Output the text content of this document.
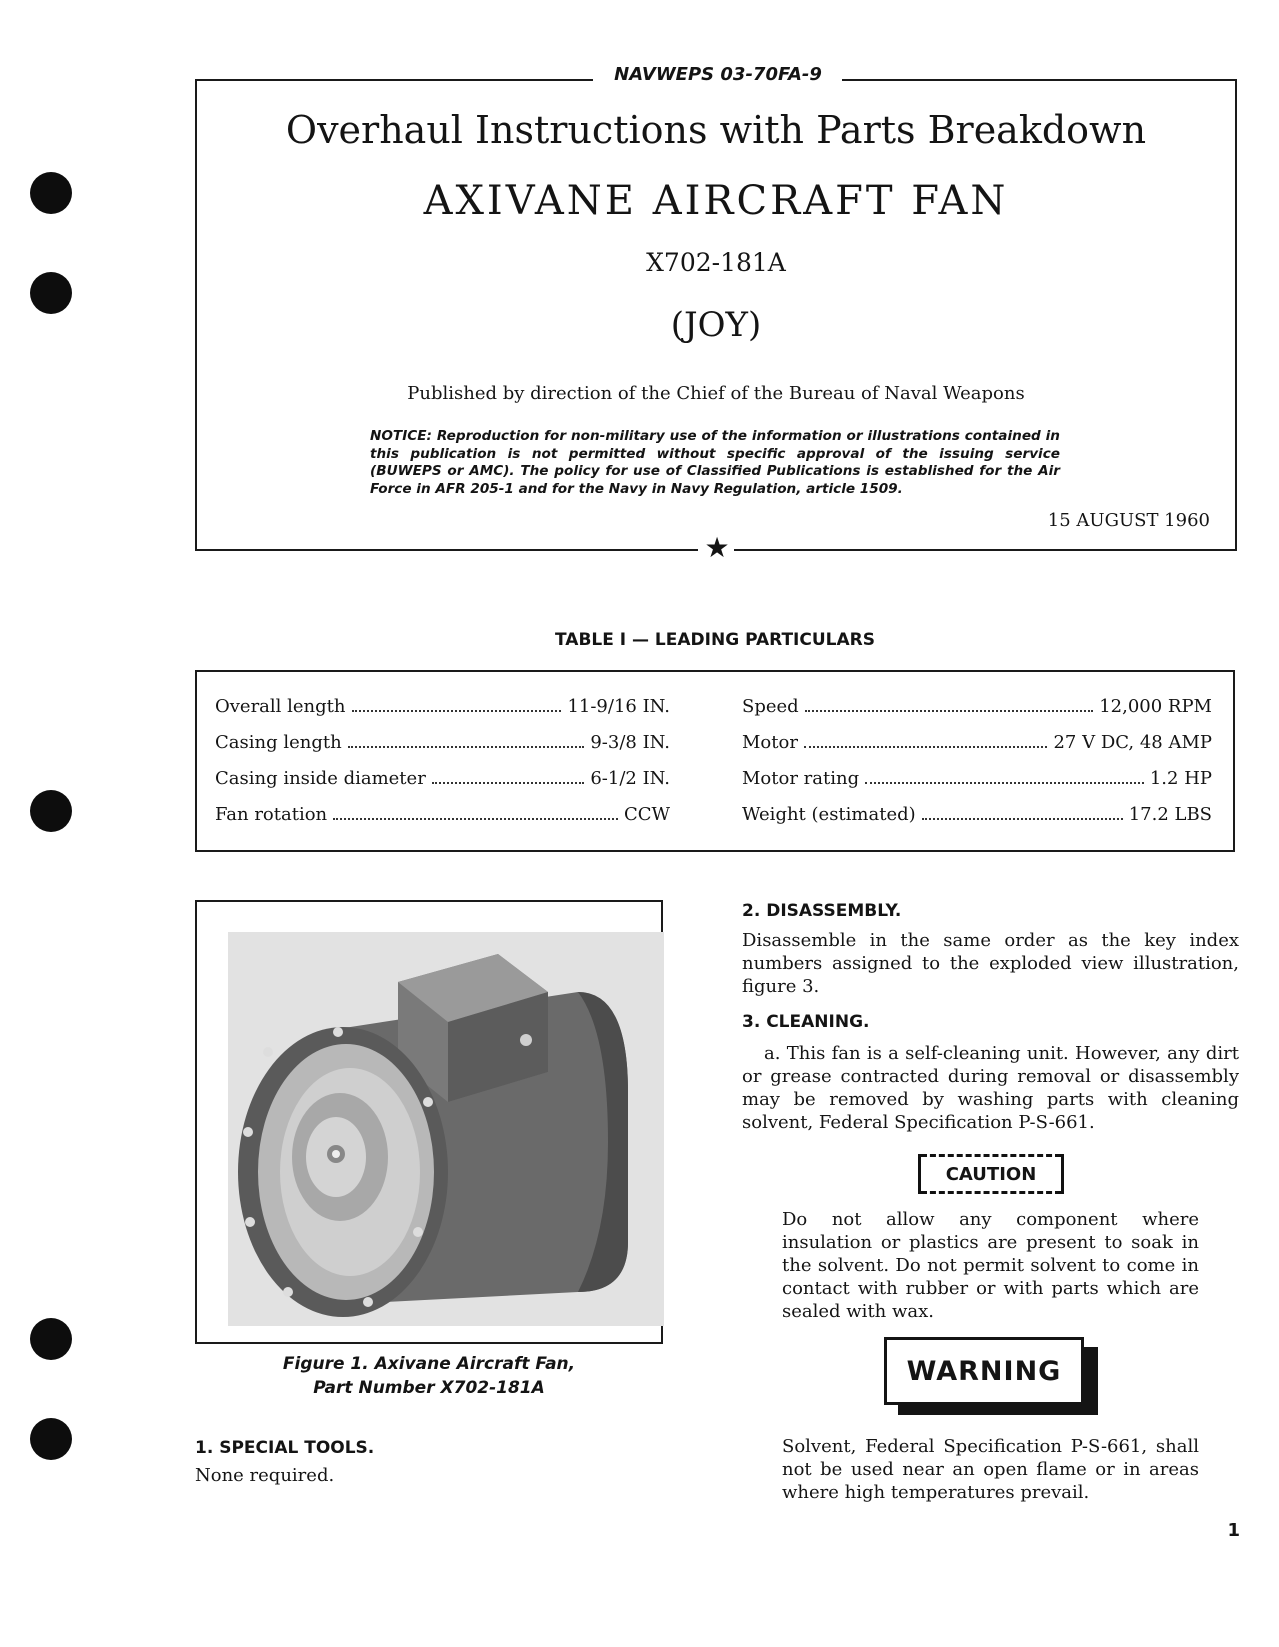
NAVWEPS 03-70FA-9
Overhaul Instructions with Parts Breakdown
AXIVANE AIRCRAFT FAN
X702-181A
(JOY)
Published by direction of the Chief of the Bureau of Naval Weapons
NOTICE: Reproduction for non-military use of the information or illustrations contained in this publication is not permitted without specific approval of the issuing service (BUWEPS or AMC). The policy for use of Classified Publications is established for the Air Force in AFR 205-1 and for the Navy in Navy Regulation, article 1509.
15 AUGUST 1960
★
TABLE I — LEADING PARTICULARS
Overall length	11-9/16 IN.
Casing length	9-3/8 IN.
Casing inside diameter	6-1/2 IN.
Fan rotation	CCW
Speed	12,000 RPM
Motor	27 V DC, 48 AMP
Motor rating	1.2 HP
Weight (estimated)	17.2 LBS
Figure 1. Axivane Aircraft Fan,
Part Number X702-181A
1. SPECIAL TOOLS.
None required.
2. DISASSEMBLY.
Disassemble in the same order as the key index numbers assigned to the exploded view illustration, figure 3.
3. CLEANING.
a. This fan is a self-cleaning unit. However, any dirt or grease contracted during removal or disassembly may be removed by washing parts with cleaning solvent, Federal Specification P-S-661.
CAUTION
Do not allow any component where insulation or plastics are present to soak in the solvent. Do not permit solvent to come in contact with rubber or with parts which are sealed with wax.
WARNING
Solvent, Federal Specification P-S-661, shall not be used near an open flame or in areas where high temperatures prevail.
1
